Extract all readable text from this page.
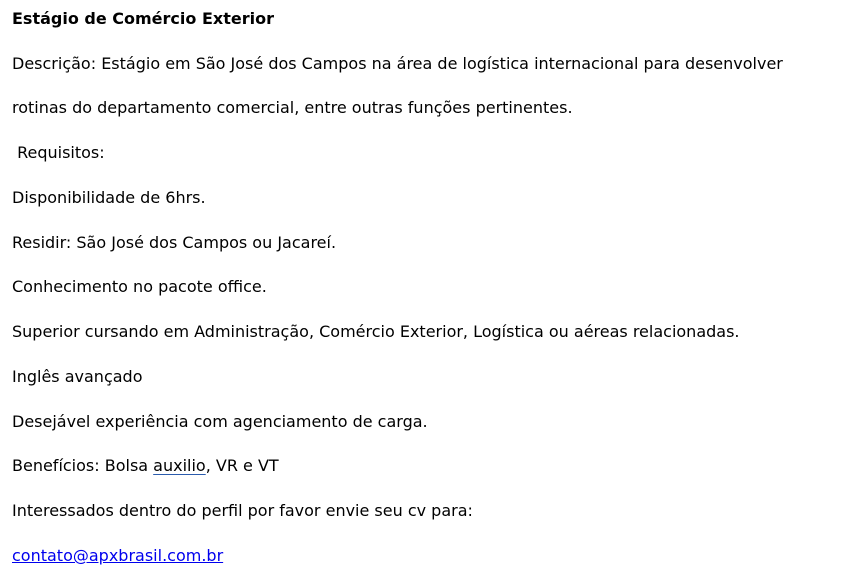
Estágio de Comércio Exterior
Descrição: Estágio em São José dos Campos na área de logística internacional para desenvolver
rotinas do departamento comercial, entre outras funções pertinentes.
Requisitos:
Disponibilidade de 6hrs.
Residir: São José dos Campos ou Jacareí.
Conhecimento no pacote office.
Superior cursando em Administração, Comércio Exterior, Logística ou aéreas relacionadas.
Inglês avançado
Desejável experiência com agenciamento de carga.
Benefícios: Bolsa auxilio, VR e VT
Interessados dentro do perfil por favor envie seu cv para:
contato@apxbrasil.com.br
